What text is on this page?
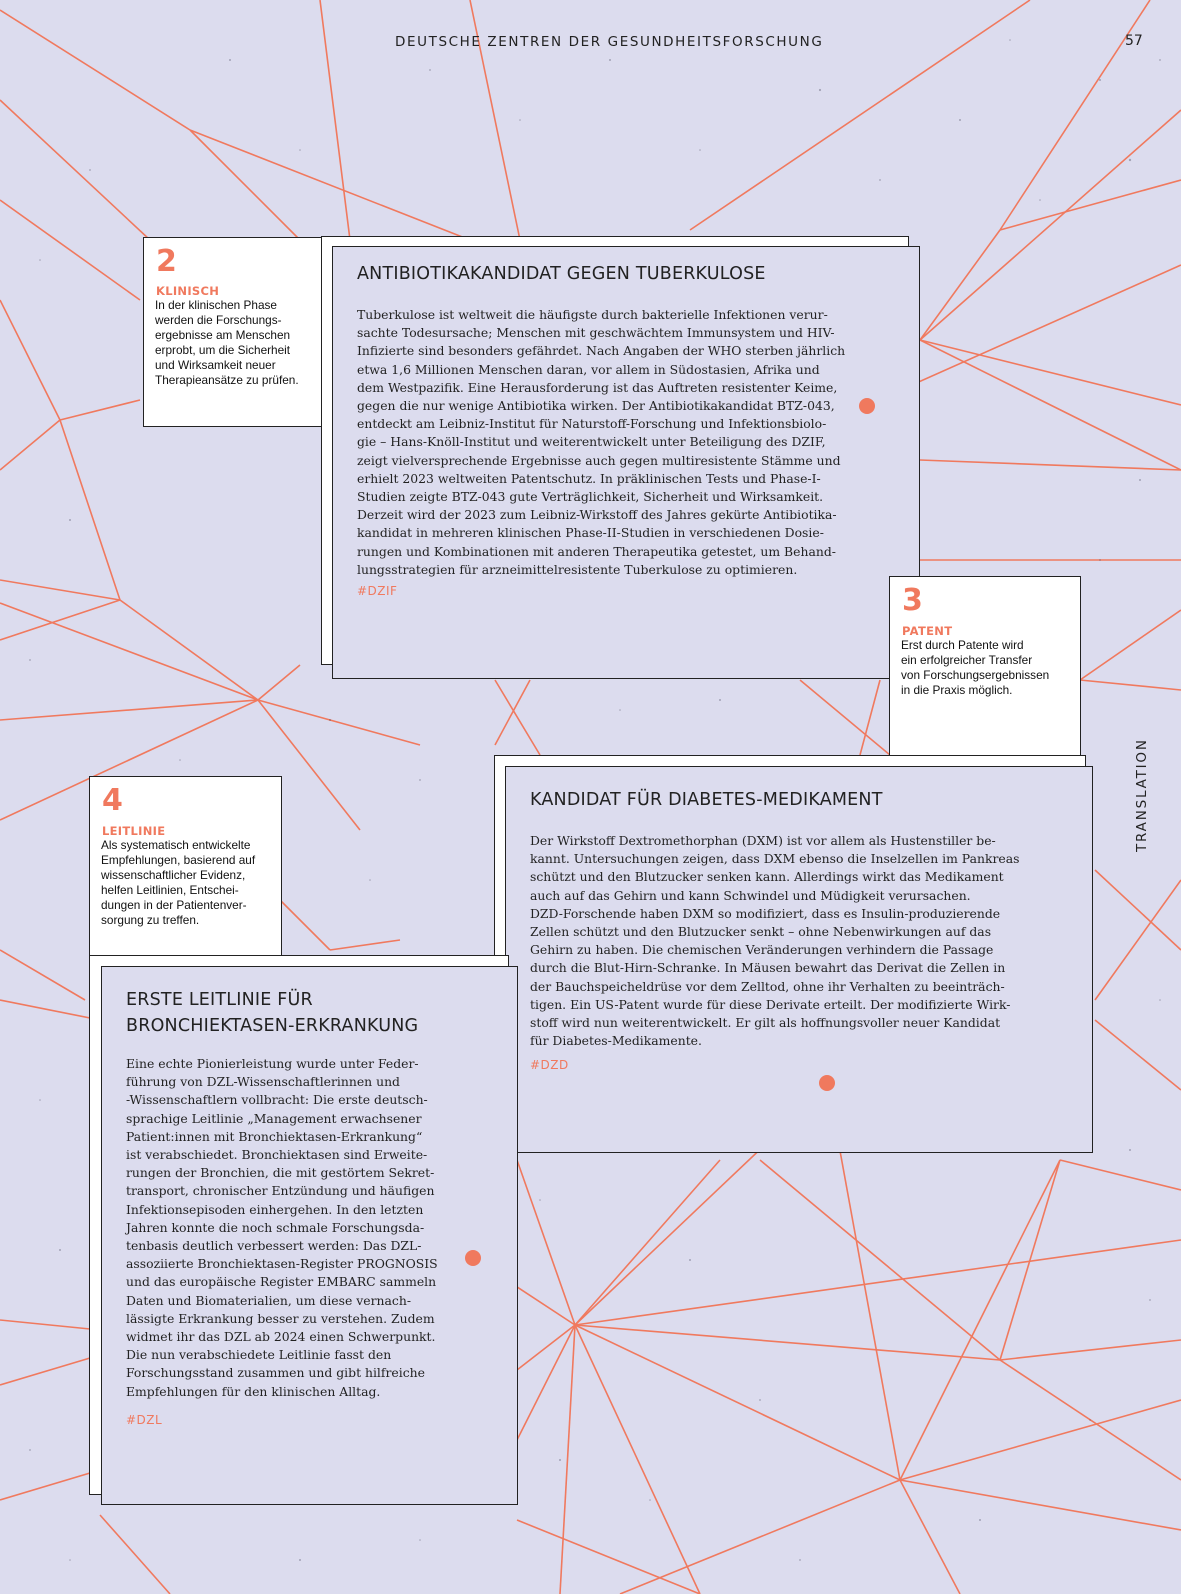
DEUTSCHE ZENTREN DER GESUNDHEITSFORSCHUNG	57
TRANSLATION
2
KLINISCH
In der klinischen Phase
werden die Forschungs-
ergebnisse am Menschen
erprobt, um die Sicherheit
und Wirksamkeit neuer
Therapieansätze zu prüfen.
ANTIBIOTIKAKANDIDAT GEGEN TUBERKULOSE
Tuberkulose ist weltweit die häufigste durch bakterielle Infektionen verur-
sachte Todesursache; Menschen mit geschwächtem Immunsystem und HIV-
Infizierte sind besonders gefährdet. Nach Angaben der WHO sterben jährlich
etwa 1,6 Millionen Menschen daran, vor allem in Südostasien, Afrika und
dem Westpazifik. Eine Herausforderung ist das Auftreten resistenter Keime,
gegen die nur wenige Antibiotika wirken. Der Antibiotikakandidat BTZ-043,
entdeckt am Leibniz-Institut für Naturstoff-Forschung und Infektionsbiolo-
gie – Hans-Knöll-Institut und weiterentwickelt unter Beteiligung des DZIF,
zeigt vielversprechende Ergebnisse auch gegen multiresistente Stämme und
erhielt 2023 weltweiten Patentschutz. In präklinischen Tests und Phase-I-
Studien zeigte BTZ-043 gute Verträglichkeit, Sicherheit und Wirksamkeit.
Derzeit wird der 2023 zum Leibniz-Wirkstoff des Jahres gekürte Antibiotika-
kandidat in mehreren klinischen Phase-II-Studien in verschiedenen Dosie-
rungen und Kombinationen mit anderen Therapeutika getestet, um Behand-
lungsstrategien für arzneimittelresistente Tuberkulose zu optimieren.
#DZIF	3
PATENT
Erst durch Patente wird
ein erfolgreicher Transfer
von Forschungsergebnissen
in die Praxis möglich.
KANDIDAT FÜR DIABETES-MEDIKAMENT
Der Wirkstoff Dextromethorphan (DXM) ist vor allem als Hustenstiller be-
kannt. Untersuchungen zeigen, dass DXM ebenso die Inselzellen im Pankreas
schützt und den Blutzucker senken kann. Allerdings wirkt das Medikament
auch auf das Gehirn und kann Schwindel und Müdigkeit verursachen.
DZD-Forschende haben DXM so modifiziert, dass es Insulin-produzierende
Zellen schützt und den Blutzucker senkt – ohne Nebenwirkungen auf das
Gehirn zu haben. Die chemischen Veränderungen verhindern die Passage
durch die Blut-Hirn-Schranke. In Mäusen bewahrt das Derivat die Zellen in
der Bauchspeicheldrüse vor dem Zelltod, ohne ihr Verhalten zu beeinträch-
tigen. Ein US-Patent wurde für diese Derivate erteilt. Der modifizierte Wirk-
stoff wird nun weiterentwickelt. Er gilt als hoffnungsvoller neuer Kandidat
für Diabetes-Medikamente.
#DZD
4
LEITLINIE
Als systematisch entwickelte
Empfehlungen, basierend auf
wissenschaftlicher Evidenz,
helfen Leitlinien, Entschei-
dungen in der Patientenver-
sorgung zu treffen.
ERSTE LEITLINIE FÜR
BRONCHIEKTASEN-ERKRANKUNG
Eine echte Pionierleistung wurde unter Feder-
führung von DZL-Wissenschaftlerinnen und
-Wissenschaftlern vollbracht: Die erste deutsch-
sprachige Leitlinie „Management erwachsener
Patient:innen mit Bronchiektasen-Erkrankung“
ist verabschiedet. Bronchiektasen sind Erweite-
rungen der Bronchien, die mit gestörtem Sekret-
transport, chronischer Entzündung und häufigen
Infektionsepisoden einhergehen. In den letzten
Jahren konnte die noch schmale Forschungsda-
tenbasis deutlich verbessert werden: Das DZL-
assoziierte Bronchiektasen-Register PROGNOSIS
und das europäische Register EMBARC sammeln
Daten und Biomaterialien, um diese vernach-
lässigte Erkrankung besser zu verstehen. Zudem
widmet ihr das DZL ab 2024 einen Schwerpunkt.
Die nun verabschiedete Leitlinie fasst den
Forschungsstand zusammen und gibt hilfreiche
Empfehlungen für den klinischen Alltag.
#DZL
